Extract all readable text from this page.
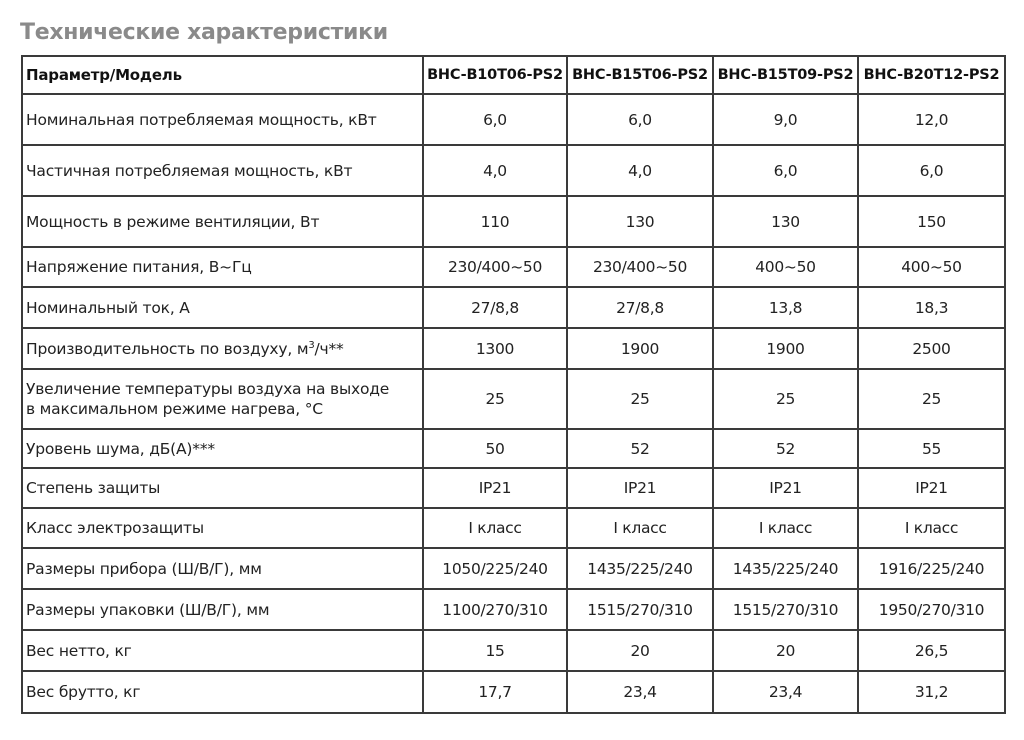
Технические характеристики
Параметр/Модель	BHC-B10T06-PS2	BHC-B15T06-PS2	BHC-B15T09-PS2	BHC-B20T12-PS2
Номинальная потребляемая мощность, кВт	6,0	6,0	9,0	12,0
Частичная потребляемая мощность, кВт	4,0	4,0	6,0	6,0
Мощность в режиме вентиляции, Вт	110	130	130	150
Напряжение питания, В~Гц	230/400~50	230/400~50	400~50	400~50
Номинальный ток, А	27/8,8	27/8,8	13,8	18,3
Производительность по воздуху, $м^3/ч**$	1300	1900	1900	2500

Увеличение температуры воздуха на выходе
в максимальном режиме нагрева, °С	25	25	25	25
Уровень шума, дБ(А)***	50	52	52	55
Степень защиты	IP21	IP21	IP21	IP21
Класс электрозащиты	I класс	I класс	I класс	I класс
Размеры прибора (Ш/В/Г), мм	1050/225/240	1435/225/240	1435/225/240	1916/225/240
Размеры упаковки (Ш/В/Г), мм	1100/270/310	1515/270/310	1515/270/310	1950/270/310
Вес нетто, кг	15	20	20	26,5
Вес брутто, кг	17,7	23,4	23,4	31,2
